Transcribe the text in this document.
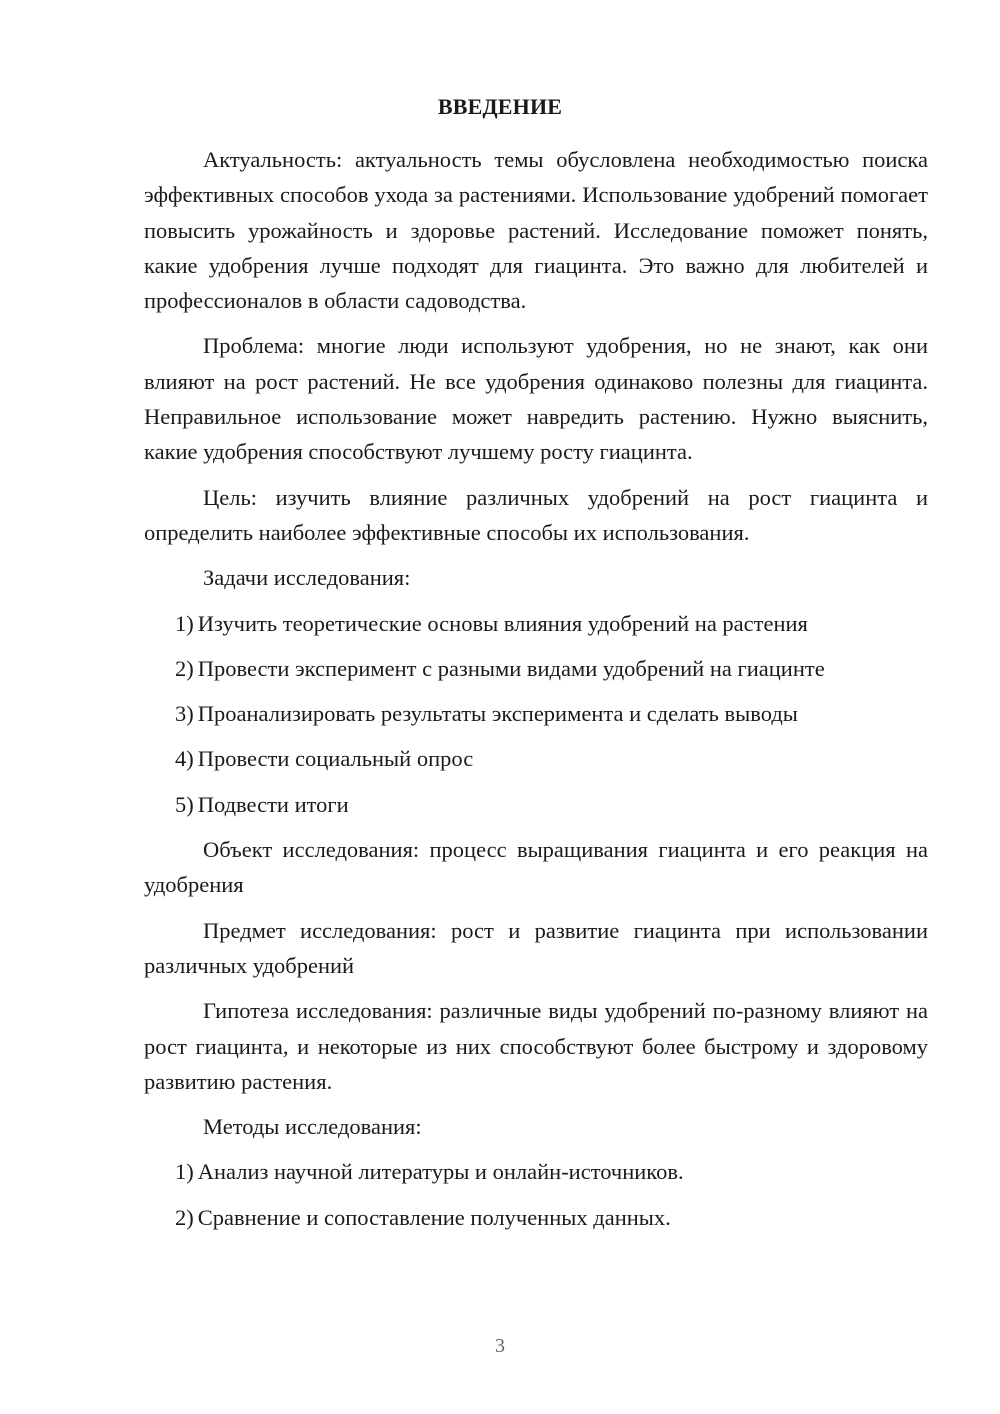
ВВЕДЕНИЕ

Актуальность: актуальность темы обусловлена необходимостью поиска эффективных способов ухода за растениями. Использование удобрений помогает повысить урожайность и здоровье растений. Исследование поможет понять, какие удобрения лучше подходят для гиацинта. Это важно для любителей и профессионалов в области садоводства.

Проблема: многие люди используют удобрения, но не знают, как они влияют на рост растений. Не все удобрения одинаково полезны для гиацинта. Неправильное использование может навредить растению. Нужно выяснить, какие удобрения способствуют лучшему росту гиацинта.

Цель: изучить влияние различных удобрений на рост гиацинта и определить наиболее эффективные способы их использования.

Задачи исследования:

1) Изучить теоретические основы влияния удобрений на растения
2) Провести эксперимент с разными видами удобрений на гиацинте
3) Проанализировать результаты эксперимента и сделать выводы
4) Провести социальный опрос
5) Подвести итоги

Объект исследования: процесс выращивания гиацинта и его реакция на удобрения

Предмет исследования: рост и развитие гиацинта при использовании различных удобрений

Гипотеза исследования: различные виды удобрений по-разному влияют на рост гиацинта, и некоторые из них способствуют более быстрому и здоровому развитию растения.

Методы исследования:

1) Анализ научной литературы и онлайн-источников.
2) Сравнение и сопоставление полученных данных.
3
